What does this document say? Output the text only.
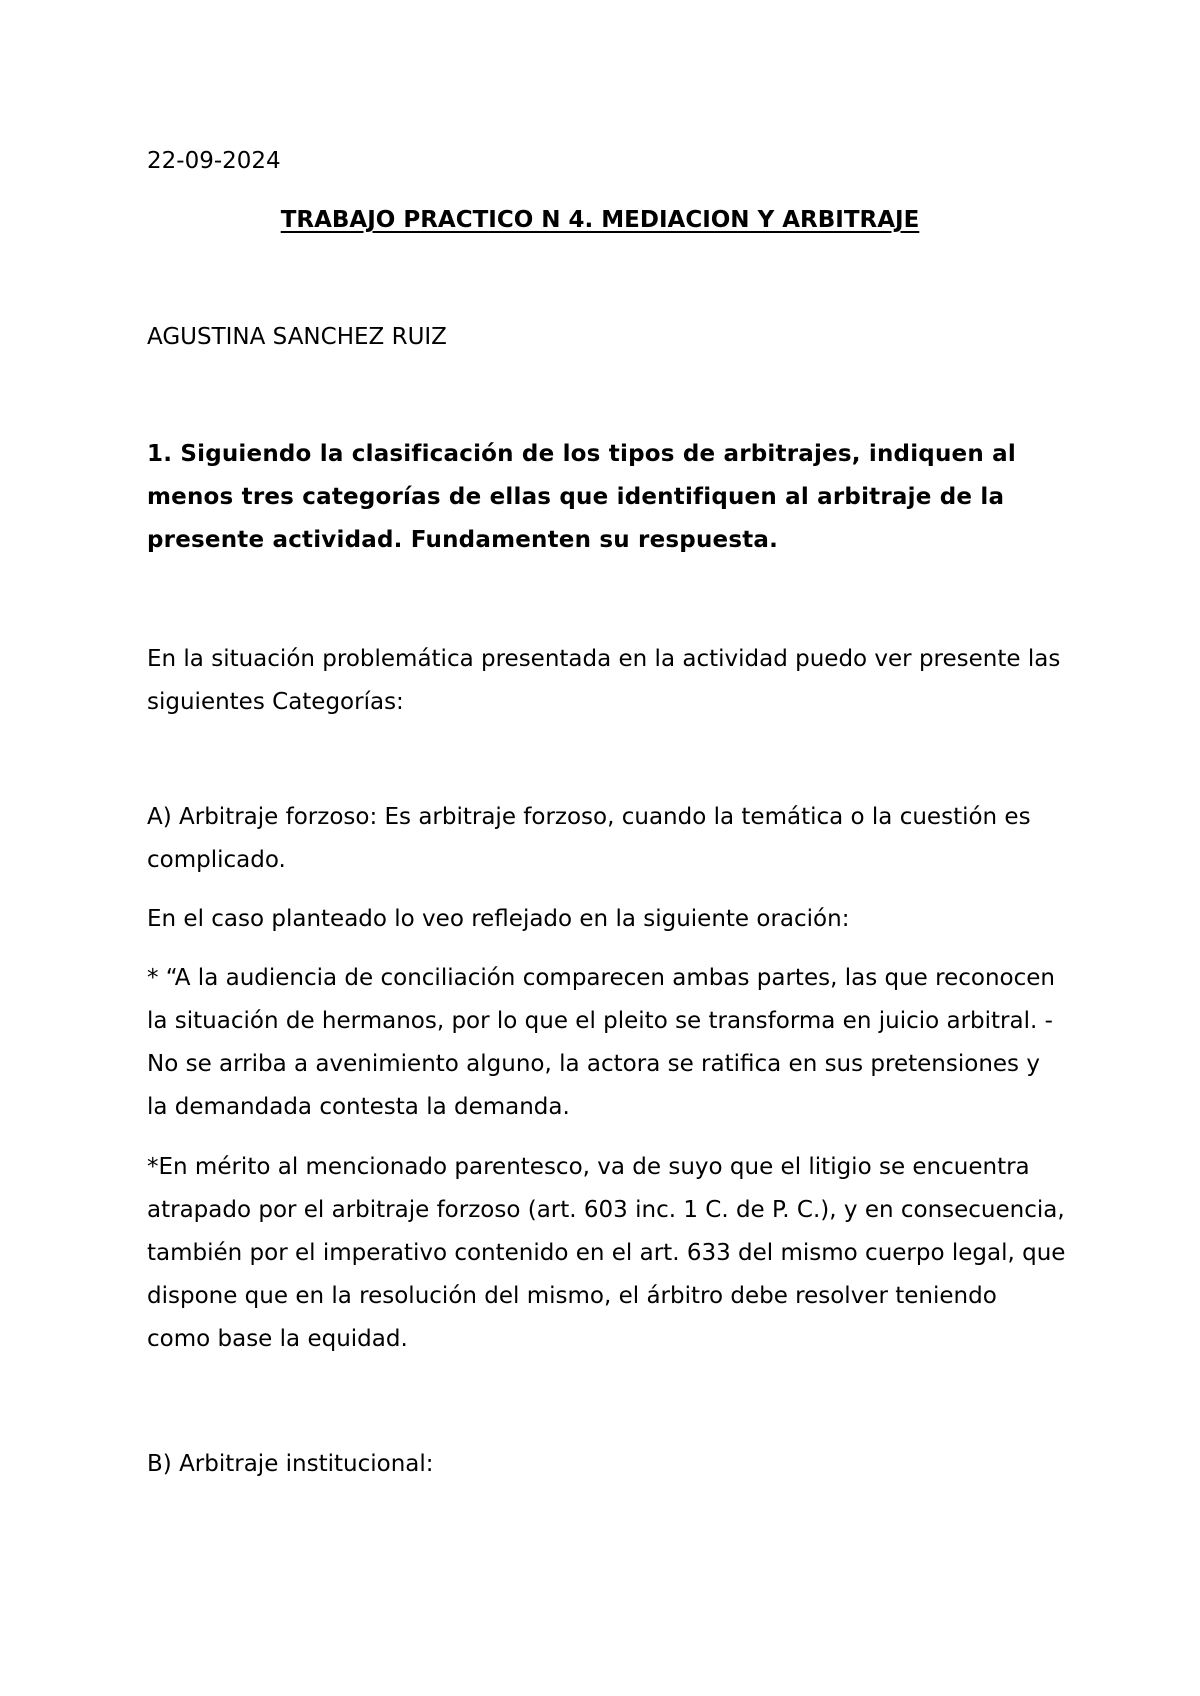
22-09-2024
TRABAJO PRACTICO N 4. MEDIACION Y ARBITRAJE
AGUSTINA SANCHEZ RUIZ
1. Siguiendo la clasificación de los tipos de arbitrajes, indiquen al menos tres categorías de ellas que identifiquen al arbitraje de la presente actividad. Fundamenten su respuesta.
En la situación problemática presentada en la actividad puedo ver presente las siguientes Categorías:
A) Arbitraje forzoso: Es arbitraje forzoso, cuando la temática o la cuestión es complicado.
En el caso planteado lo veo reflejado en la siguiente oración:
* “A la audiencia de conciliación comparecen ambas partes, las que reconocen la situación de hermanos, por lo que el pleito se transforma en juicio arbitral. - No se arriba a avenimiento alguno, la actora se ratifica en sus pretensiones y la demandada contesta la demanda.
*En mérito al mencionado parentesco, va de suyo que el litigio se encuentra atrapado por el arbitraje forzoso (art. 603 inc. 1 C. de P. C.), y en consecuencia, también por el imperativo contenido en el art. 633 del mismo cuerpo legal, que dispone que en la resolución del mismo, el árbitro debe resolver teniendo como base la equidad.
B) Arbitraje institucional:
